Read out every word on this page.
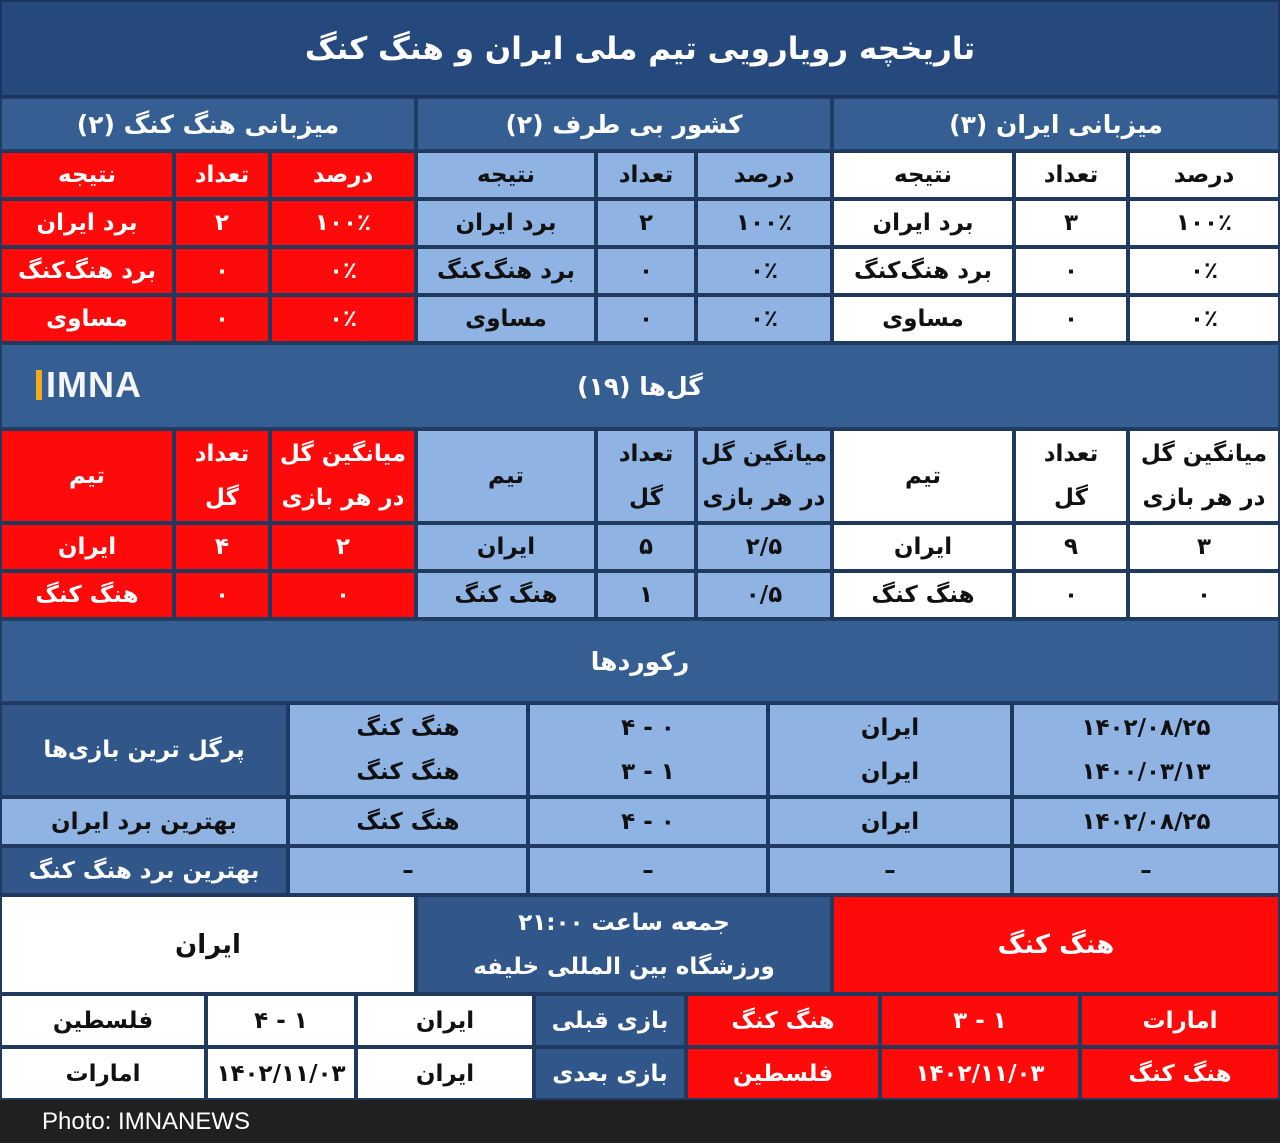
تاریخچه رویارویی تیم ملی ایران و هنگ کنگ
میزبانی ایران (۳)
کشور بی طرف (۲)
میزبانی هنگ کنگ (۲)
درصد
تعداد
نتیجه
۱۰۰٪
۳
برد ایران
۰٪
۰
برد هنگ‌کنگ
۰٪
۰
مساوی
درصد
تعداد
نتیجه
۱۰۰٪
۲
برد ایران
۰٪
۰
برد هنگ‌کنگ
۰٪
۰
مساوی
درصد
تعداد
نتیجه
۱۰۰٪
۲
برد ایران
۰٪
۰
برد هنگ‌کنگ
۰٪
۰
مساوی
گل‌ها (۱۹)
IMNA
میانگین گل
در هر بازی
تعداد
گل
تیم
میانگین گل
در هر بازی
تعداد
گل
تیم
میانگین گل
در هر بازی
تعداد
گل
تیم
۳
۹
ایران
۰
۰
هنگ کنگ
۲/۵
۵
ایران
۰/۵
۱
هنگ کنگ
۲
۴
ایران
۰
۰
هنگ کنگ
رکوردها
۱۴۰۲/۰۸/۲۵
۱۴۰۰/۰۳/۱۳
ایران
ایران
۴ - ۰
۳ - ۱
هنگ کنگ
هنگ کنگ
پرگل ترین بازی‌ها
۱۴۰۲/۰۸/۲۵
ایران
۴ - ۰
هنگ کنگ
بهترین برد ایران
–
–
–
–
بهترین برد هنگ کنگ
هنگ کنگ
جمعه ساعت ۲۱:۰۰
ورزشگاه بین المللی خلیفه
ایران
امارات
۳ - ۱
هنگ کنگ
بازی قبلی
ایران
۴ - ۱
فلسطین
هنگ کنگ
۱۴۰۲/۱۱/۰۳
فلسطین
بازی بعدی
ایران
۱۴۰۲/۱۱/۰۳
امارات
Photo: IMNANEWS
